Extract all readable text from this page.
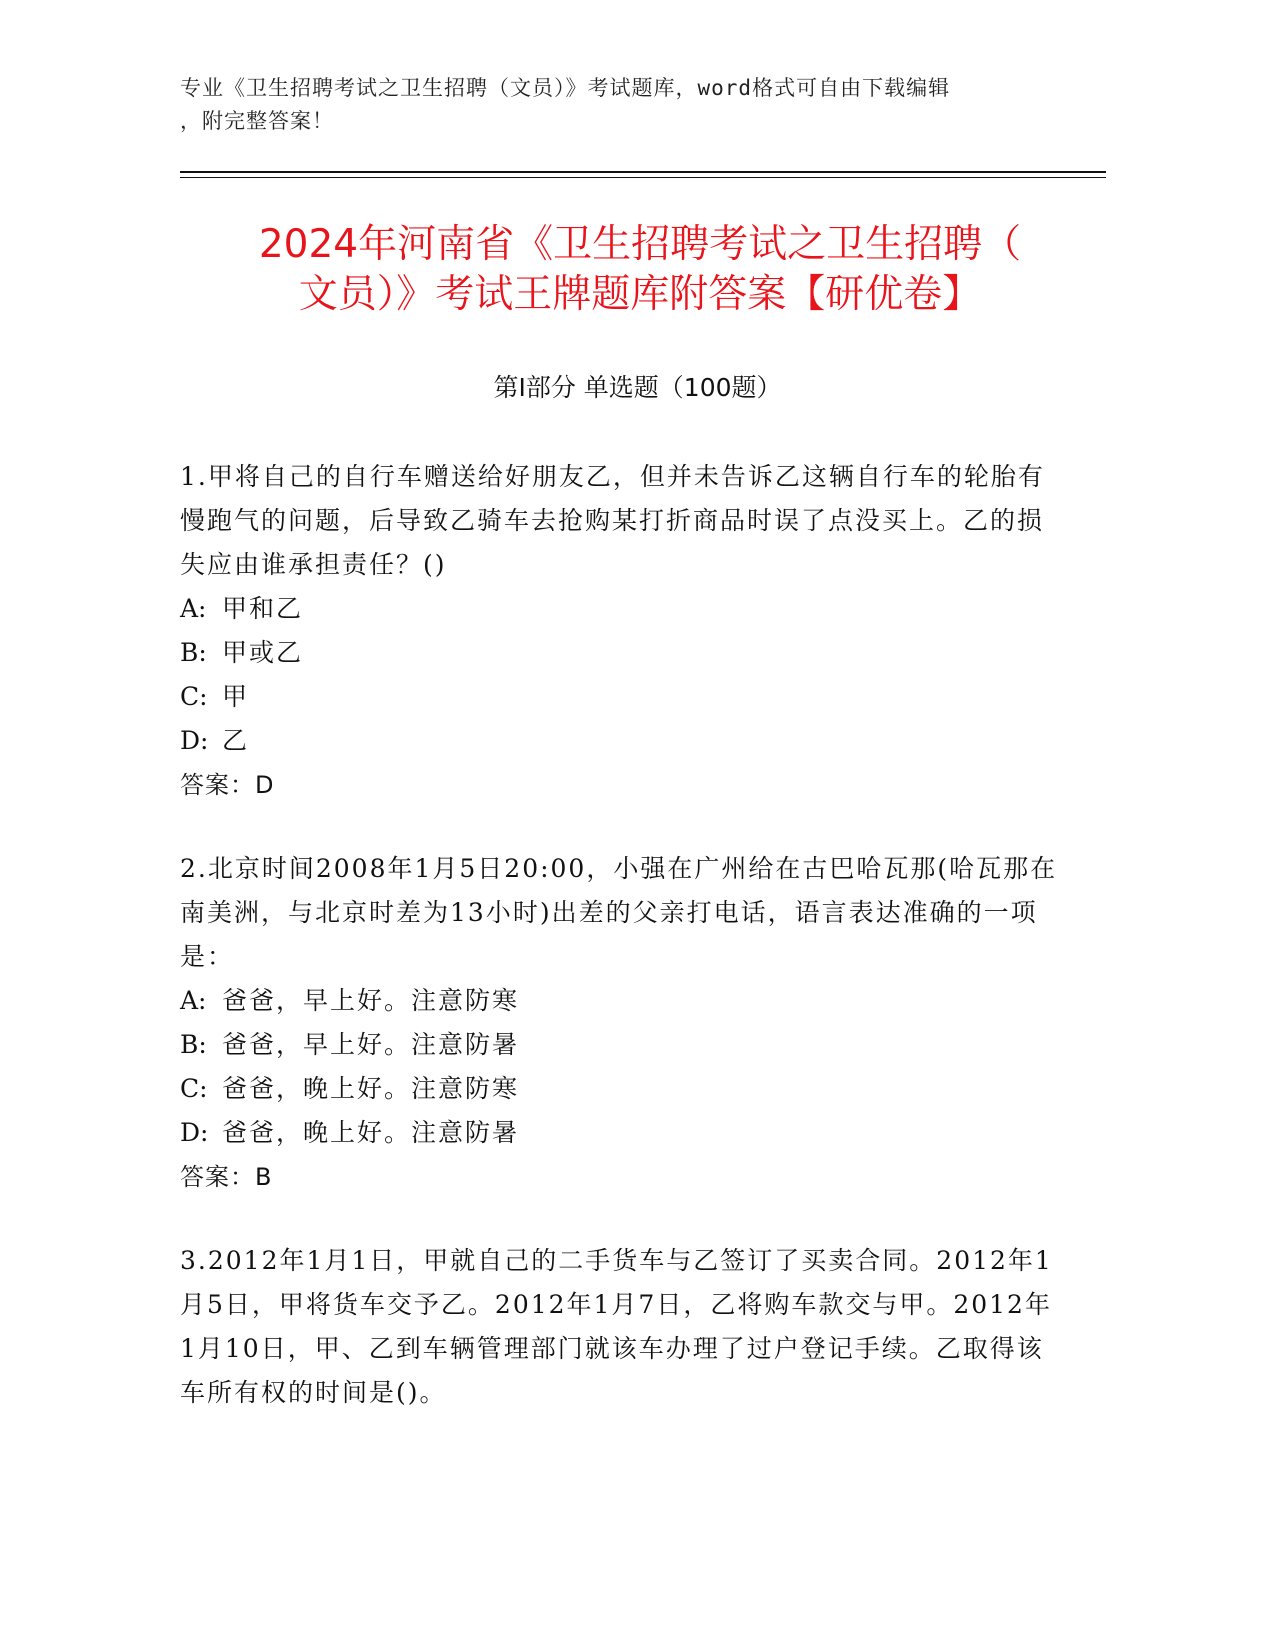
专业《卫生招聘考试之卫生招聘（文员）》考试题库，word格式可自由下载编辑
，附完整答案！
2024年河南省《卫生招聘考试之卫生招聘（
文员）》考试王牌题库附答案【研优卷】
第Ⅰ部分 单选题（100题）

1.甲将自己的自行车赠送给好朋友乙，但并未告诉乙这辆自行车的轮胎有慢跑气的问题，后导致乙骑车去抢购某打折商品时误了点没买上。乙的损失应由谁承担责任？()

A: 甲和乙

B: 甲或乙

C: 甲

D: 乙

答案：D

2.北京时间2008年1月5日20:00，小强在广州给在古巴哈瓦那(哈瓦那在南美洲，与北京时差为13小时)出差的父亲打电话，语言表达准确的一项是：

A: 爸爸，早上好。注意防寒

B: 爸爸，早上好。注意防暑

C: 爸爸，晚上好。注意防寒

D: 爸爸，晚上好。注意防暑

答案：B

3.2012年1月1日，甲就自己的二手货车与乙签订了买卖合同。2012年1月5日，甲将货车交予乙。2012年1月7日，乙将购车款交与甲。2012年1月10日，甲、乙到车辆管理部门就该车办理了过户登记手续。乙取得该车所有权的时间是()。
